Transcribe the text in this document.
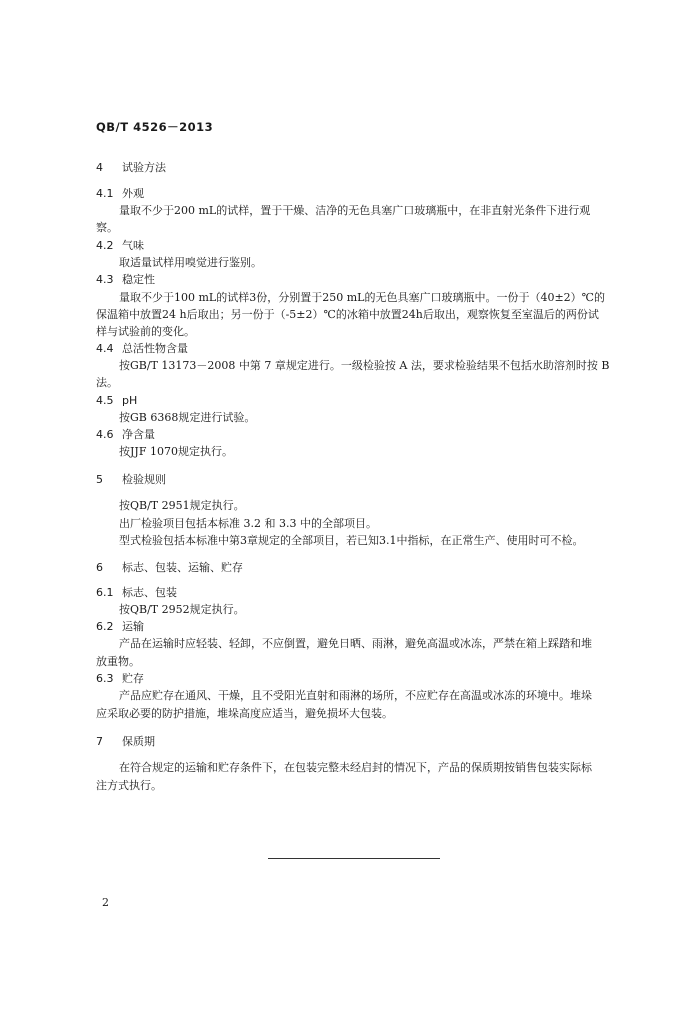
QB/T 4526－2013
4 试验方法
4.1 外观
量取不少于200 mL的试样，置于干燥、洁净的无色具塞广口玻璃瓶中，在非直射光条件下进行观
察。
4.2 气味
取适量试样用嗅觉进行鉴别。
4.3 稳定性
量取不少于100 mL的试样3份，分别置于250 mL的无色具塞广口玻璃瓶中。一份于（40±2）℃的
保温箱中放置24 h后取出；另一份于（-5±2）℃的冰箱中放置24h后取出，观察恢复至室温后的两份试
样与试验前的变化。
4.4 总活性物含量
按GB/T 13173－2008 中第 7 章规定进行。一级检验按 A 法，要求检验结果不包括水助溶剂时按 B
法。
4.5 pH
按GB 6368规定进行试验。
4.6 净含量
按JJF 1070规定执行。
5 检验规则
按QB/T 2951规定执行。
出厂检验项目包括本标准 3.2 和 3.3 中的全部项目。
型式检验包括本标准中第3章规定的全部项目，若已知3.1中指标，在正常生产、使用时可不检。
6 标志、包装、运输、贮存
6.1 标志、包装
按QB/T 2952规定执行。
6.2 运输
产品在运输时应轻装、轻卸，不应倒置，避免日晒、雨淋，避免高温或冰冻，严禁在箱上踩踏和堆
放重物。
6.3 贮存
产品应贮存在通风、干燥，且不受阳光直射和雨淋的场所，不应贮存在高温或冰冻的环境中。堆垛
应采取必要的防护措施，堆垛高度应适当，避免损坏大包装。
7 保质期
在符合规定的运输和贮存条件下，在包装完整未经启封的情况下，产品的保质期按销售包装实际标
注方式执行。
2
